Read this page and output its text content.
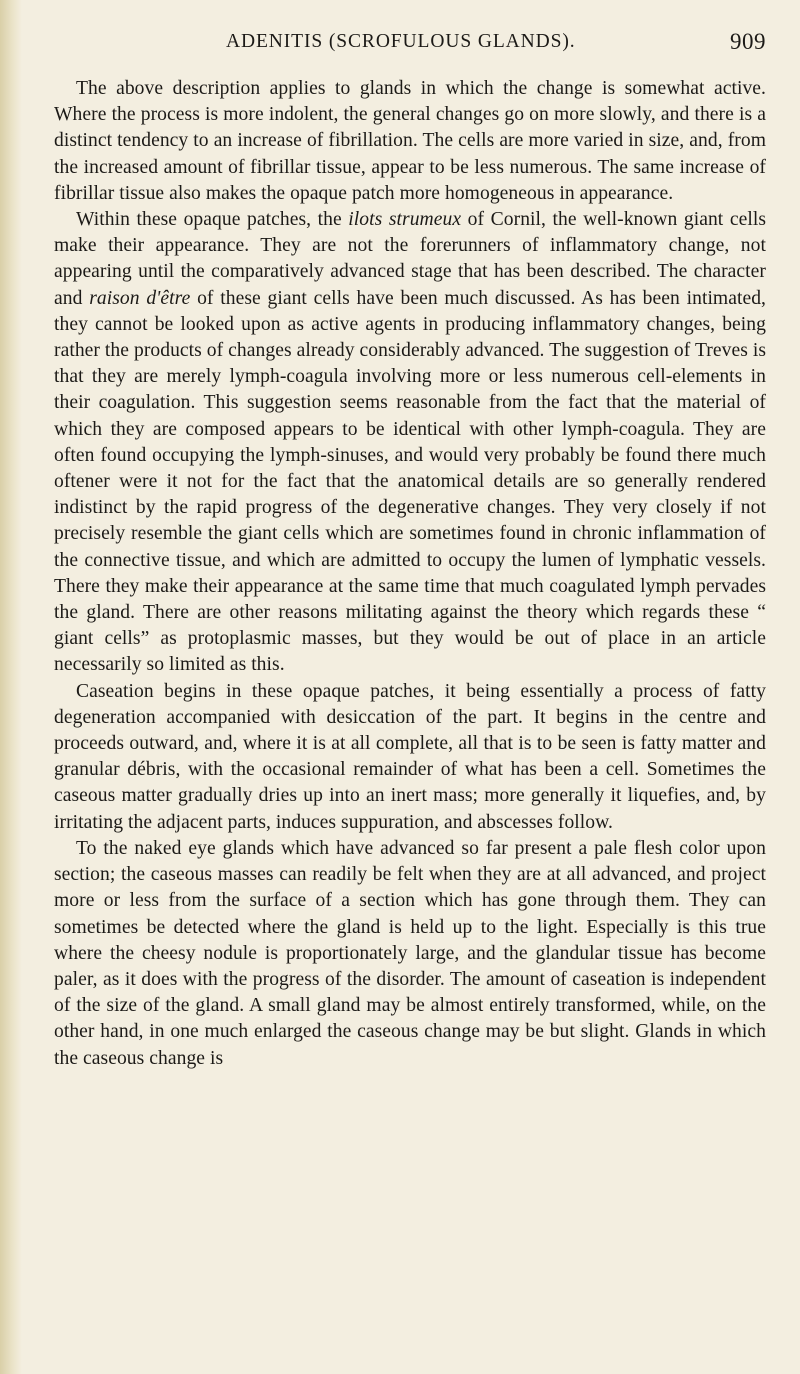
ADENITIS (SCROFULOUS GLANDS).	909

The above description applies to glands in which the change is somewhat active. Where the process is more indolent, the general changes go on more slowly, and there is a distinct tendency to an increase of fibrillation. The cells are more varied in size, and, from the increased amount of fibrillar tissue, appear to be less numerous. The same increase of fibrillar tissue also makes the opaque patch more homogeneous in appearance.

Within these opaque patches, the ilots strumeux of Cornil, the well-known giant cells make their appearance. They are not the forerunners of inflammatory change, not appearing until the comparatively advanced stage that has been described. The character and raison d'être of these giant cells have been much discussed. As has been intimated, they cannot be looked upon as active agents in producing inflammatory changes, being rather the products of changes already considerably advanced. The suggestion of Treves is that they are merely lymph-coagula involving more or less numerous cell-elements in their coagulation. This suggestion seems reasonable from the fact that the material of which they are composed appears to be identical with other lymph-coagula. They are often found occupying the lymph-sinuses, and would very probably be found there much oftener were it not for the fact that the anatomical details are so generally rendered indistinct by the rapid progress of the degenerative changes. They very closely if not precisely resemble the giant cells which are sometimes found in chronic inflammation of the connective tissue, and which are admitted to occupy the lumen of lymphatic vessels. There they make their appearance at the same time that much coagulated lymph pervades the gland. There are other reasons militating against the theory which regards these “ giant cells” as protoplasmic masses, but they would be out of place in an article necessarily so limited as this.

Caseation begins in these opaque patches, it being essentially a process of fatty degeneration accompanied with desiccation of the part. It begins in the centre and proceeds outward, and, where it is at all complete, all that is to be seen is fatty matter and granular débris, with the occasional remainder of what has been a cell. Sometimes the caseous matter gradually dries up into an inert mass; more generally it liquefies, and, by irritating the adjacent parts, induces suppuration, and abscesses follow.

To the naked eye glands which have advanced so far present a pale flesh color upon section; the caseous masses can readily be felt when they are at all advanced, and project more or less from the surface of a section which has gone through them. They can sometimes be detected where the gland is held up to the light. Especially is this true where the cheesy nodule is proportionately large, and the glandular tissue has become paler, as it does with the progress of the disorder. The amount of caseation is independent of the size of the gland. A small gland may be almost entirely transformed, while, on the other hand, in one much enlarged the caseous change may be but slight. Glands in which the caseous change is
